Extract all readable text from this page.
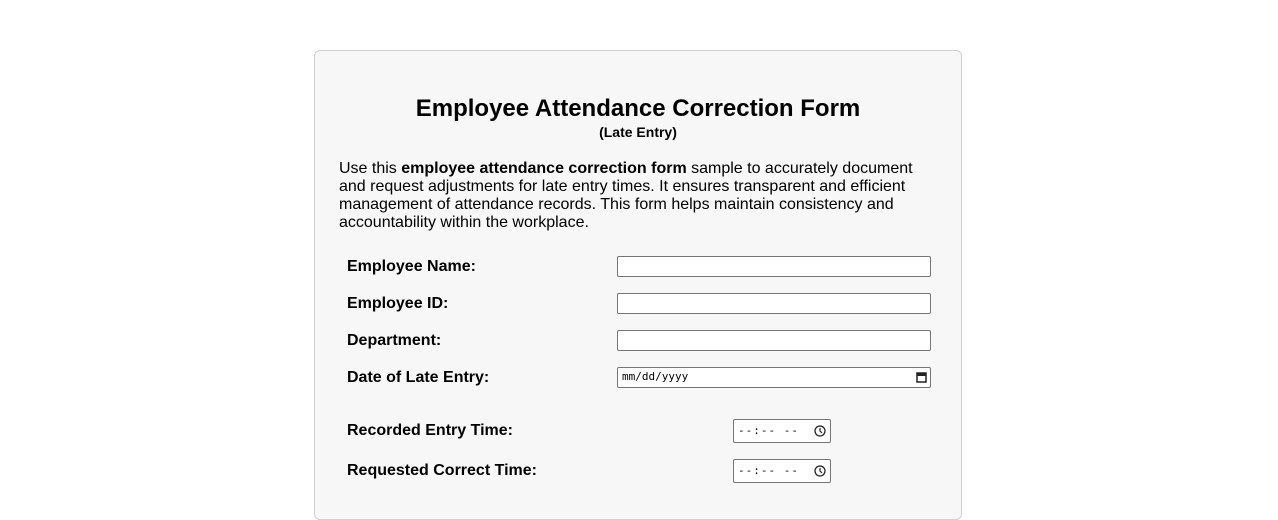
Employee Attendance Correction Form
(Late Entry)

Use this employee attendance correction form sample to accurately document and request adjustments for late entry times. It ensures transparent and efficient management of attendance records. This form helps maintain consistency and accountability within the workplace.

Employee Name:
Employee ID:
Department:
Date of Late Entry:	mm/dd/yyyy
Recorded Entry Time:	--:-- --
Requested Correct Time:	--:-- --
